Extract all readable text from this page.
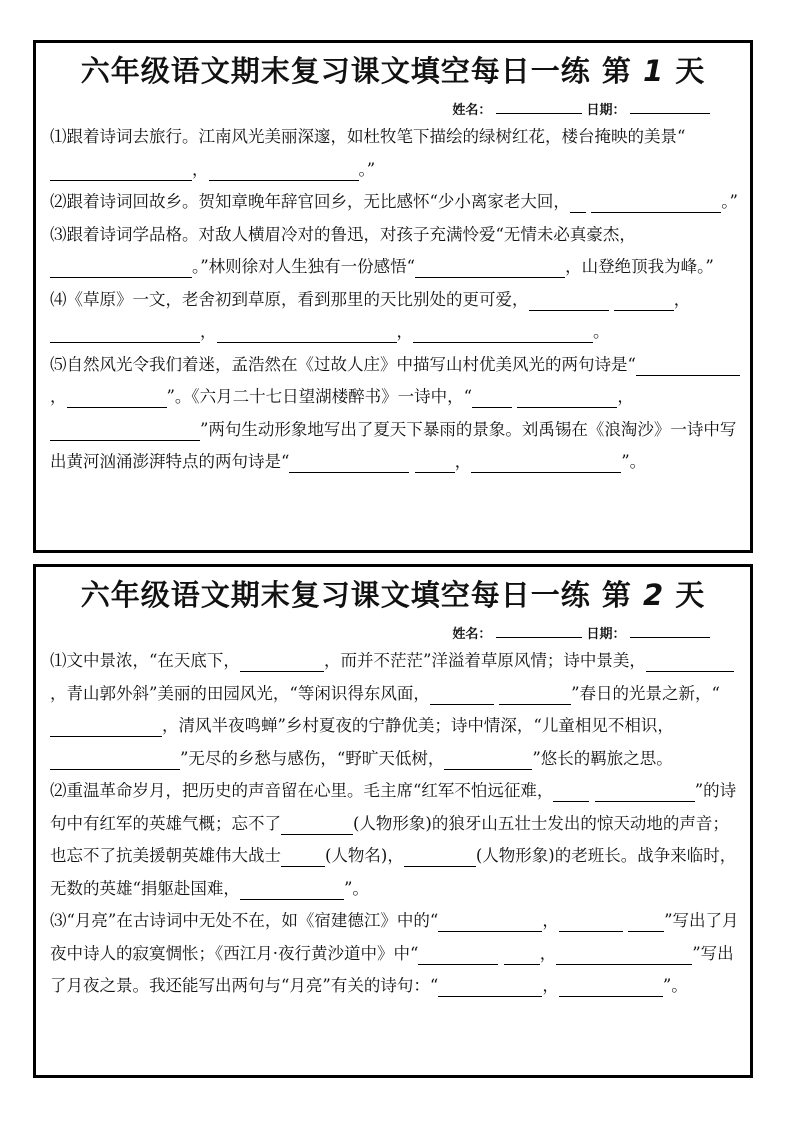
六年级语文期末复习课文填空每日一练 第 1 天
姓名：	日期：

⑴跟着诗词去旅行。江南风光美丽深邃，如杜牧笔下描绘的绿树红花，楼台掩映的美景“，	。”

⑵跟着诗词回故乡。贺知章晚年辞官回乡，无比感怀“少小离家老大回，	。”

⑶跟着诗词学品格。对敌人横眉冷对的鲁迅，对孩子充满怜爱“无情未必真豪杰，。”林则徐对人生独有一份感悟“	，山登绝顶我为峰。”

⑷《草原》一文，老舍初到草原，看到那里的天比别处的更可爱，	，，	，	。

⑸自然风光令我们着迷，孟浩然在《过故人庄》中描写山村优美风光的两句诗是“，	”。《六月二十七日望湖楼醉书》一诗中，“	，”两句生动形象地写出了夏天下暴雨的景象。刘禹锡在《浪淘沙》一诗中写出黄河汹涌澎湃特点的两句诗是“	，	”。

六年级语文期末复习课文填空每日一练 第 2 天
姓名：	日期：

⑴文中景浓，“在天底下，	，而并不茫茫”洋溢着草原风情；诗中景美，，青山郭外斜”美丽的田园风光，“等闲识得东风面，	”春日的光景之新，“，清风半夜鸣蝉”乡村夏夜的宁静优美；诗中情深，“儿童相见不相识，”无尽的乡愁与感伤，“野旷天低树，	”悠长的羁旅之思。

⑵重温革命岁月，把历史的声音留在心里。毛主席“红军不怕远征难，	”的诗句中有红军的英雄气概；忘不了	(人物形象)的狼牙山五壮士发出的惊天动地的声音；也忘不了抗美援朝英雄伟大战士	(人物名)，	(人物形象)的老班长。战争来临时，无数的英雄“捐躯赴国难，	”。

⑶“月亮”在古诗词中无处不在，如《宿建德江》中的“	，	”写出了月夜中诗人的寂寞惆怅；《西江月·夜行黄沙道中》中“	，	”写出了月夜之景。我还能写出两句与“月亮”有关的诗句：“	，	”。
